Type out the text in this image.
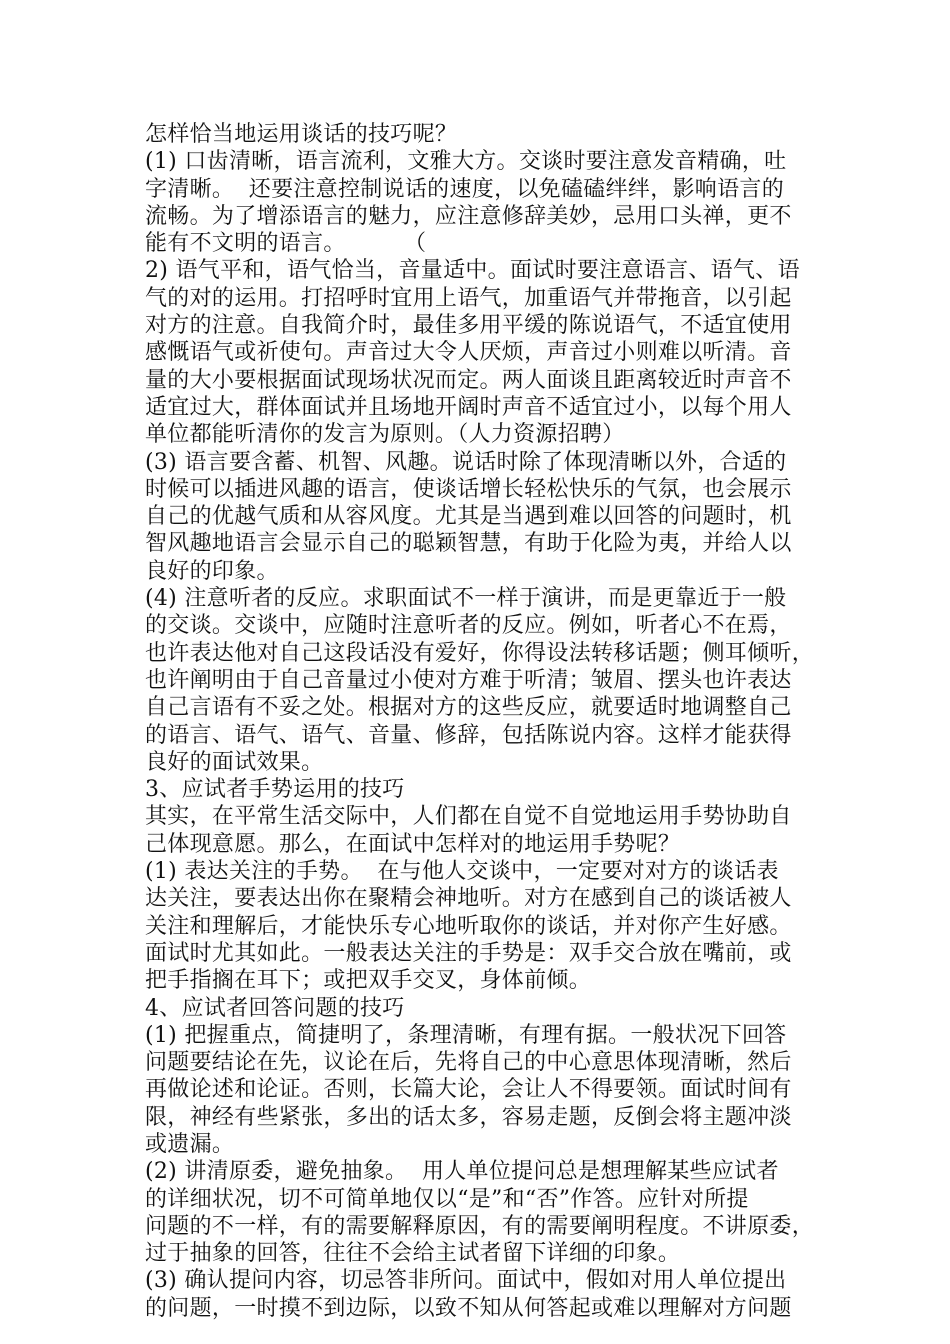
怎样恰当地运用谈话的技巧呢？
(1) 口齿清晰，语言流利，文雅大方。交谈时要注意发音精确，吐
字清晰。  还要注意控制说话的速度，以免磕磕绊绊，影响语言的
流畅。为了增添语言的魅力，应注意修辞美妙，忌用口头禅，更不
能有不文明的语言。        （
2) 语气平和，语气恰当，音量适中。面试时要注意语言、语气、语
气的对的运用。打招呼时宜用上语气，加重语气并带拖音，以引起
对方的注意。自我简介时，最佳多用平缓的陈说语气，不适宜使用
感慨语气或祈使句。声音过大令人厌烦，声音过小则难以听清。音
量的大小要根据面试现场状况而定。两人面谈且距离较近时声音不
适宜过大，群体面试并且场地开阔时声音不适宜过小，以每个用人
单位都能听清你的发言为原则。（人力资源招聘）
(3) 语言要含蓄、机智、风趣。说话时除了体现清晰以外，合适的
时候可以插进风趣的语言，使谈话增长轻松快乐的气氛，也会展示
自己的优越气质和从容风度。尤其是当遇到难以回答的问题时，机
智风趣地语言会显示自己的聪颖智慧，有助于化险为夷，并给人以
良好的印象。
(4) 注意听者的反应。求职面试不一样于演讲，而是更靠近于一般
的交谈。交谈中，应随时注意听者的反应。例如，听者心不在焉，
也许表达他对自己这段话没有爱好，你得设法转移话题；侧耳倾听，
也许阐明由于自己音量过小使对方难于听清；皱眉、摆头也许表达
自己言语有不妥之处。根据对方的这些反应，就要适时地调整自己
的语言、语气、语气、音量、修辞，包括陈说内容。这样才能获得
良好的面试效果。
3、应试者手势运用的技巧
其实，在平常生活交际中，人们都在自觉不自觉地运用手势协助自
己体现意愿。那么，在面试中怎样对的地运用手势呢？
(1) 表达关注的手势。  在与他人交谈中，一定要对对方的谈话表
达关注，要表达出你在聚精会神地听。对方在感到自己的谈话被人
关注和理解后，才能快乐专心地听取你的谈话，并对你产生好感。
面试时尤其如此。一般表达关注的手势是：双手交合放在嘴前，或
把手指搁在耳下；或把双手交叉，身体前倾。
4、应试者回答问题的技巧
(1) 把握重点，简捷明了，条理清晰，有理有据。一般状况下回答
问题要结论在先，议论在后，先将自己的中心意思体现清晰，然后
再做论述和论证。否则，长篇大论，会让人不得要领。面试时间有
限，神经有些紧张，多出的话太多，容易走题，反倒会将主题冲淡
或遗漏。
(2) 讲清原委，避免抽象。  用人单位提问总是想理解某些应试者
的详细状况，切不可简单地仅以“是”和“否”作答。应针对所提
问题的不一样，有的需要解释原因，有的需要阐明程度。不讲原委，
过于抽象的回答，往往不会给主试者留下详细的印象。
(3) 确认提问内容，切忌答非所问。面试中，假如对用人单位提出
的问题，一时摸不到边际，以致不知从何答起或难以理解对方问题
